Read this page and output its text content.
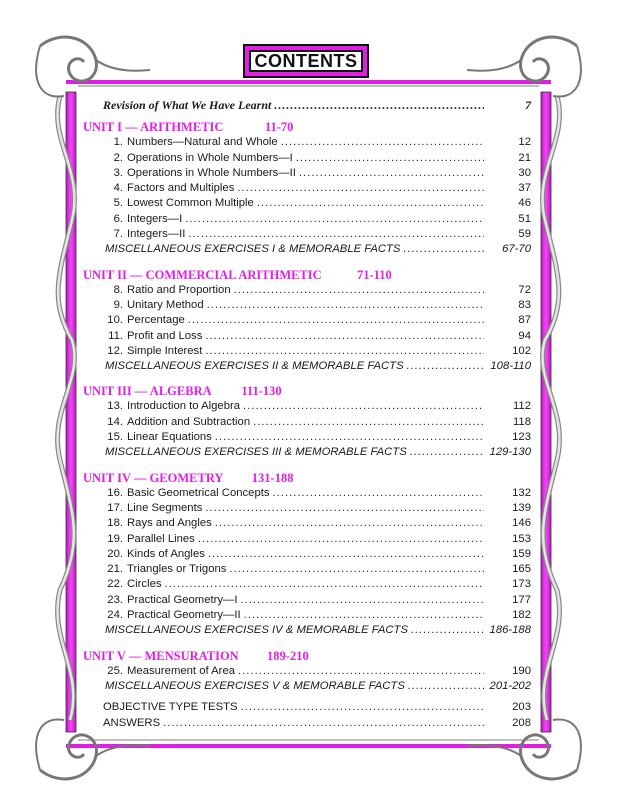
CONTENTS
Revision of What We Have Learnt .....	7
UNIT I — ARITHMETIC	11-70
1. Numbers—Natural and Whole .....	12
2. Operations in Whole Numbers—I .....	21
3. Operations in Whole Numbers—II .....	30
4. Factors and Multiples .....	37
5. Lowest Common Multiple .....	46
6. Integers—I .....	51
7. Integers—II .....	59
MISCELLANEOUS EXERCISES I & MEMORABLE FACTS .....	67-70
UNIT II — COMMERCIAL ARITHMETIC	71-110
8. Ratio and Proportion .....	72
9. Unitary Method .....	83
10. Percentage .....	87
11. Profit and Loss .....	94
12. Simple Interest .....	102
MISCELLANEOUS EXERCISES II & MEMORABLE FACTS .....	108-110
UNIT III — ALGEBRA	111-130
13. Introduction to Algebra .....	112
14. Addition and Subtraction .....	118
15. Linear Equations .....	123
MISCELLANEOUS EXERCISES III & MEMORABLE FACTS .....	129-130
UNIT IV — GEOMETRY	131-188
16. Basic Geometrical Concepts .....	132
17. Line Segments .....	139
18. Rays and Angles .....	146
19. Parallel Lines .....	153
20. Kinds of Angles .....	159
21. Triangles or Trigons .....	165
22. Circles .....	173
23. Practical Geometry—I .....	177
24. Practical Geometry—II .....	182
MISCELLANEOUS EXERCISES IV & MEMORABLE FACTS .....	186-188
UNIT V — MENSURATION	189-210
25. Measurement of Area .....	190
MISCELLANEOUS EXERCISES V & MEMORABLE FACTS .....	201-202
OBJECTIVE TYPE TESTS .....	203
ANSWERS .....	208
